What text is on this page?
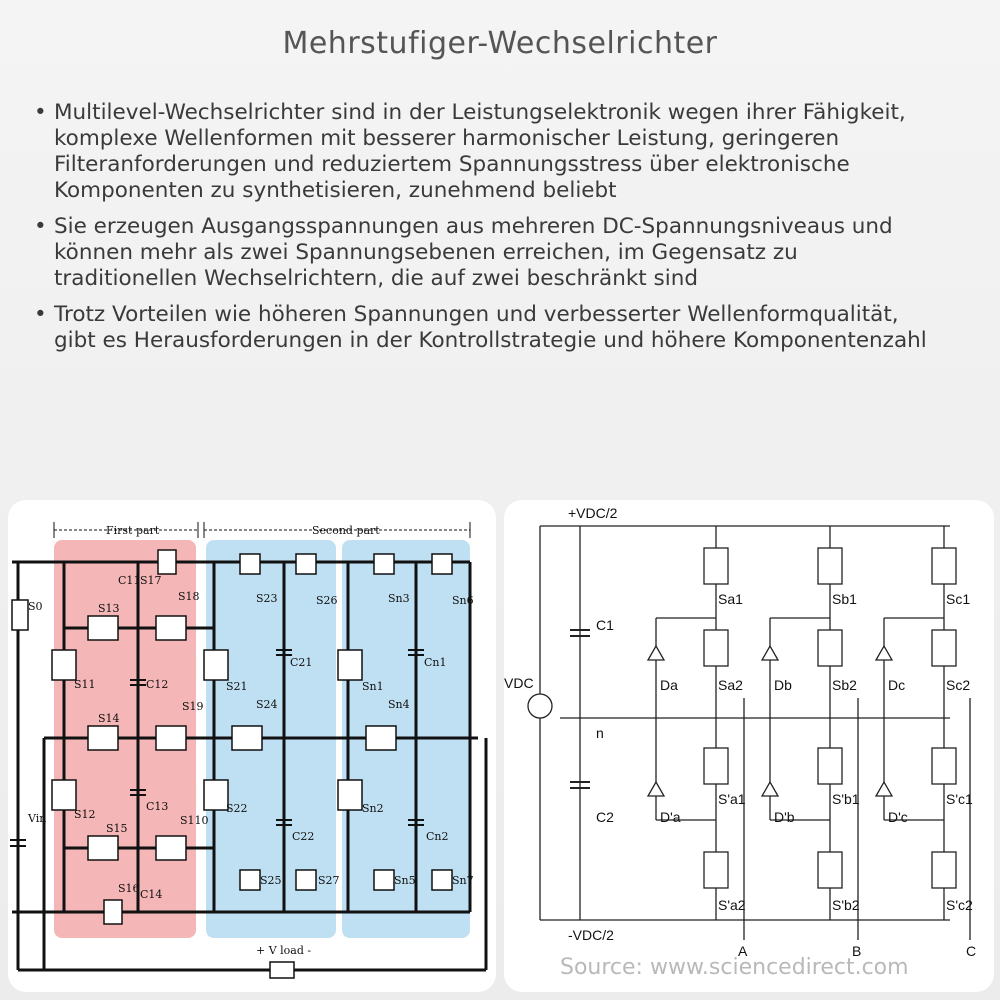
Mehrstufiger-Wechselrichter
• Multilevel-Wechselrichter sind in der Leistungselektronik wegen ihrer Fähigkeit, komplexe Wellenformen mit besserer harmonischer Leistung, geringeren Filteranforderungen und reduziertem Spannungsstress über elektronische Komponenten zu synthetisieren, zunehmend beliebt
• Sie erzeugen Ausgangsspannungen aus mehreren DC-Spannungsniveaus und können mehr als zwei Spannungsebenen erreichen, im Gegensatz zu traditionellen Wechselrichtern, die auf zwei beschränkt sind
• Trotz Vorteilen wie höheren Spannungen und verbesserter Wellenformqualität, gibt es Herausforderungen in der Kontrollstrategie und höhere Komponentenzahl
First part	Second part
+ V load -
Vin
S0
S11
S12
S13
S14
S15
S16
S17
S18
S19
S110
C11
C12
C13
C14
S21
S22
S23
S24
S25
S26
S27
C21
C22
Sn1
Sn2
Sn3
Sn4
Sn5
Sn6
Sn7
Cn1
Cn2
+VDC/2
-VDC/2
VDC
C1
C2
n
Sa1	Sb1	Sc1
Sa2	Sb2	Sc2
S'a1	S'b1	S'c1
S'a2	S'b2	S'c2
Da	Db	Dc
D'a	D'b	D'c
A	B	C
Source: www.sciencedirect.com
